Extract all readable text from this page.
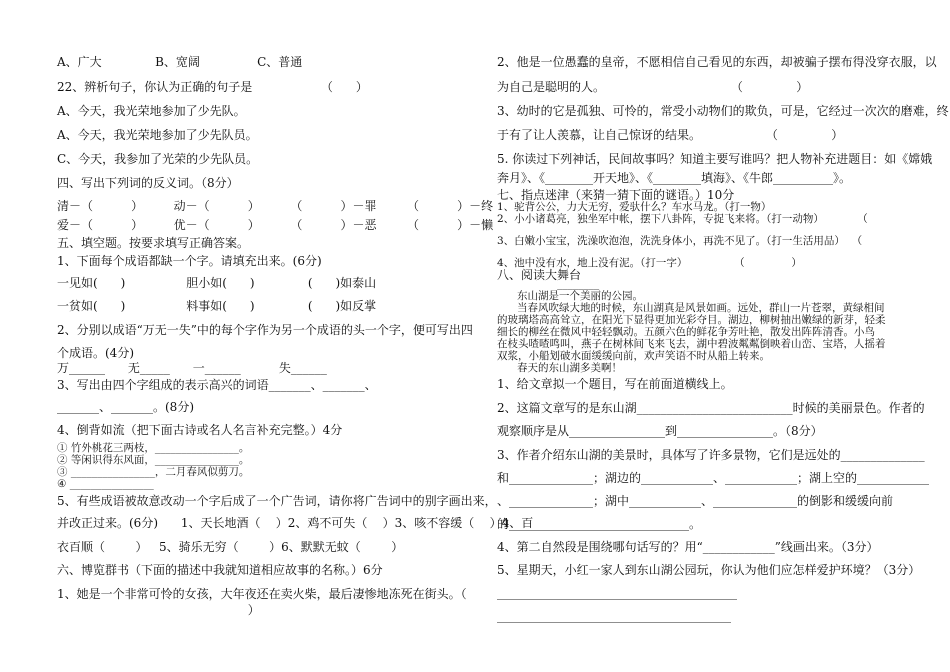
A、广大              B、宽阔               C、普通
22、辨析句子，你认为正确的句子是                  （      ）
A、今天，我光荣地参加了少先队。
A、今天，我光荣地参加了少先队员。
C、今天，我参加了光荣的少先队员。
四、写出下列词的反义词。（8分）
清－（          ）        动－（          ）        （          ）－罪        （          ）－终
爱－（          ）        优－（          ）        （          ）－恶        （          ）－懒
五、填空题。按要求填写正确答案。
1、下面每个成语都缺一个字。请填充出来。(6分)
一见如(      )                胆小如(      )              (      )如泰山
一贫如(      )                料事如(      )              (      )如反掌
2、分别以成语“万无一失”中的每个字作为另一个成语的头一个字，便可写出四
个成语。(4分)
万______      无_____      一______          失______
3、写出由四个字组成的表示高兴的词语_______、_______、
_______、_______。(8分)
4、倒背如流（把下面古诗或名人名言补充完整。）4分
① 竹外桃花三两枝，________________。
② 等闲识得东风面，________________。
③ ________________，二月春风似剪刀。
④ ________________
5、有些成语被故意改动一个字后成了一个广告词，请你将广告词中的别字画出来，
并改正过来。(6分)      1、天长地酒（    ）2、鸡不可失（    ）3、咳不容缓（    ）4、百
衣百顺（        ）   5、骑乐无穷（        ）6、默默无蚊（        ）
六、博览群书（下面的描述中我就知道相应故事的名称。）6分
1、她是一个非常可怜的女孩，大年夜还在卖火柴，最后凄惨地冻死在街头。（
）
2、他是一位愚蠢的皇帝，不愿相信自己看见的东西，却被骗子摆布得没穿衣服，以
为自己是聪明的人。                                 （              ）
3、幼时的它是孤独、可怜的，常受小动物们的欺负，可是，它经过一次次的磨难，终
于有了让人羡慕，让自己惊讶的结果。                 （              ）
5. 你读过下列神话，民间故事吗？知道主要写谁吗？把人物补充进题目：如《嫦娥
奔月》、《________开天地》、《________填海》、《牛郎__________》。
七、指点迷津（来猜一猜下面的谜语。）10分
1、驼背公公，力大无穷，爱驮什么？车水马龙。（打一物）
2、小小诸葛亮，独坐军中帐，摆下八卦阵，专捉飞来将。（打一动物）          （
3、白嫩小宝宝，洗澡吹泡泡，洗洗身体小，再洗不见了。（打一生活用品）  （
4、池中没有水，地上没有泥。（打一字）              （              ）
八、阅读大舞台
________
东山湖是一个美丽的公园。
当春风吹绿大地的时候，东山湖真是风景如画。远处，群山一片苍翠，黄绿相间
的玻璃塔高高耸立，在阳光下显得更加光彩夺目。湖边，柳树抽出嫩绿的新芽，轻柔
细长的柳丝在微风中轻轻飘动。五颜六色的鲜花争芳吐艳，散发出阵阵清香。小鸟
在枝头喳喳鸣叫，燕子在树林间飞来飞去，湖中碧波粼粼倒映着山峦、宝塔，人摇着
双浆，小船划破水面缓缓向前，欢声笑语不时从船上转来。
春天的东山湖多美啊！
1、给文章拟一个题目，写在前面道横线上。
2、这篇文章写的是东山湖__________________________时候的美丽景色。作者的
观察顺序是从________________到________________。（8分）
3、作者介绍东山湖的美景时，具体写了许多景物，它们是远处的______________
和______________；湖边的____________、____________；湖上空的____________
、______________；湖中____________、______________的倒影和缓缓向前
的______________________________。
4、第二自然段是围绕哪句话写的？用“____________”线画出来。（3分）
5、星期天，小红一家人到东山湖公园玩，你认为他们应怎样爱护环境？（3分）
________________________________________
_______________________________________
